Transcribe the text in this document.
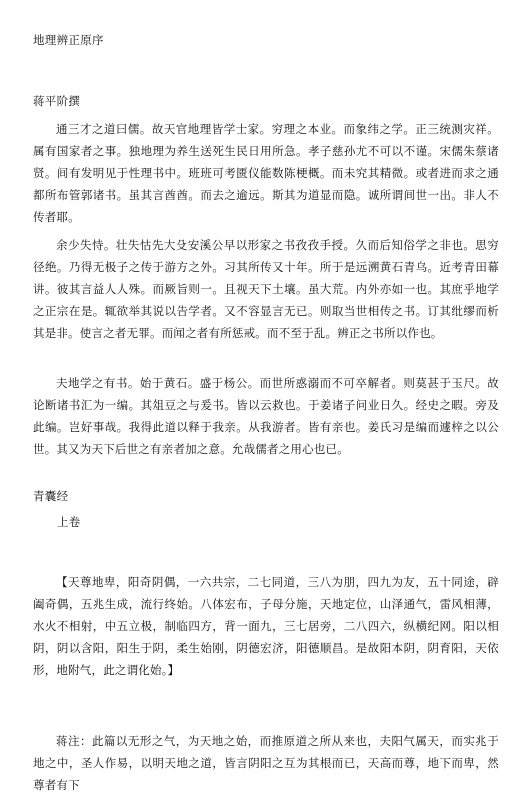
地理辨正原序

蒋平阶撰

通三才之道曰儒。故天官地理皆学士家。穷理之本业。而象纬之学。正三统测灾祥。属有国家者之事。独地理为养生送死生民日用所急。孝子慈孙尤不可以不谨。宋儒朱蔡诸贤。间有发明见于性理书中。班班可考匮仪能数陈梗概。而未究其精微。或者进而求之通都所布管郭诸书。虽其言酋酋。而去之逾远。斯其为道显而隐。诚所谓间世一出。非人不传者耶。

余少失恃。壮失怙先大殳安溪公早以形家之书孜孜手授。久而后知俗学之非也。思穷径绝。乃得无极子之传于游方之外。习其所传又十年。所于是远溯黄石青乌。近考青田幕讲。彼其言益人人殊。而厥旨则一。且视天下土壤。虽大荒。内外亦如一也。其庶乎地学之正宗在是。辄欲举其说以告学者。又不容显言无已。则取当世相传之书。订其纰缪而析其是非。使言之者无罪。而闻之者有所惩戒。而不至于乱。辨正之书所以作也。

夫地学之有书。始于黄石。盛于杨公。而世所惑溺而不可卒解者。则莫甚于玉尺。故论断诸书汇为一编。其俎豆之与爰书。皆以云救也。于姜诸子问业日久。经史之暇。旁及此编。岂好事哉。我得此道以释于我亲。从我游者。皆有亲也。姜氏习是编而遽梓之以公世。其又为天下后世之有亲者加之意。允哉儒者之用心也已。

青囊经

上卷

【天尊地卑，阳奇阴偶，一六共宗，二七同道，三八为朋，四九为友，五十同途，辟阖奇偶，五兆生成，流行终始。八体宏布，子母分施，天地定位，山泽通气，雷风相薄，水火不相射，中五立极，制临四方，背一面九，三七居旁，二八四六，纵横纪网。阳以相阴，阴以含阳，阳生于阴，柔生始刚，阴德宏济，阳德顺昌。是故阳本阴，阴育阳，天依形，地附气，此之谓化始。】

蒋注：此篇以无形之气，为天地之始，而推原道之所从来也，夫阳气属天，而实兆于地之中，圣人作易，以明天地之道，皆言阴阳之互为其根而已，天高而尊，地下而卑，然尊者有下
